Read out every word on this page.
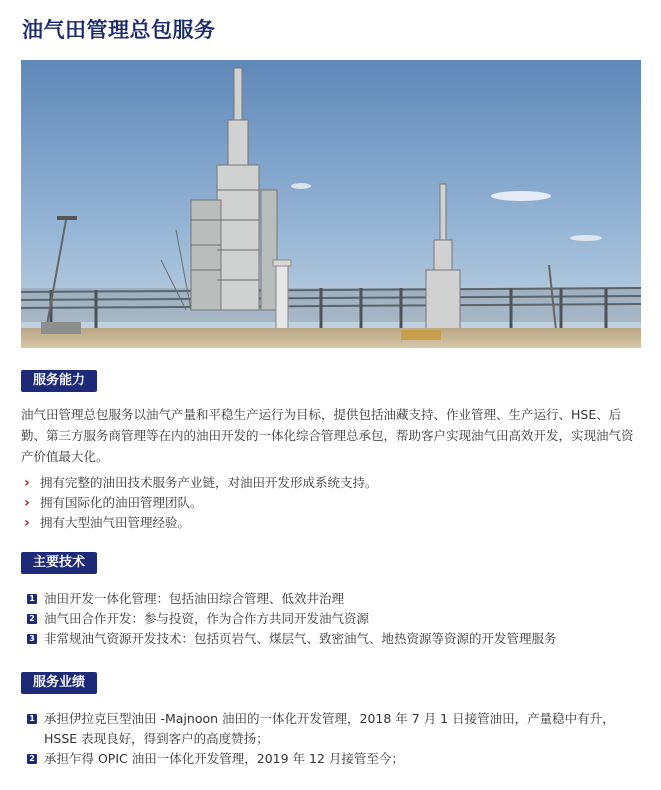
油气田管理总包服务
服务能力

油气田管理总包服务以油气产量和平稳生产运行为目标，提供包括油藏支持、作业管理、生产运行、HSE、后勤、第三方服务商管理等在内的油田开发的一体化综合管理总承包，帮助客户实现油气田高效开发，实现油气资产价值最大化。

› 拥有完整的油田技术服务产业链，对油田开发形成系统支持。
› 拥有国际化的油田管理团队。
› 拥有大型油气田管理经验。
主要技术
1 油田开发一体化管理：包括油田综合管理、低效井治理
2 油气田合作开发：参与投资，作为合作方共同开发油气资源
3 非常规油气资源开发技术：包括页岩气、煤层气、致密油气、地热资源等资源的开发管理服务
服务业绩
1 承担伊拉克巨型油田 -Majnoon 油田的一体化开发管理，2018 年 7 月 1 日接管油田，产量稳中有升，HSSE 表现良好，得到客户的高度赞扬；
2 承担乍得 OPIC 油田一体化开发管理，2019 年 12 月接管至今；
